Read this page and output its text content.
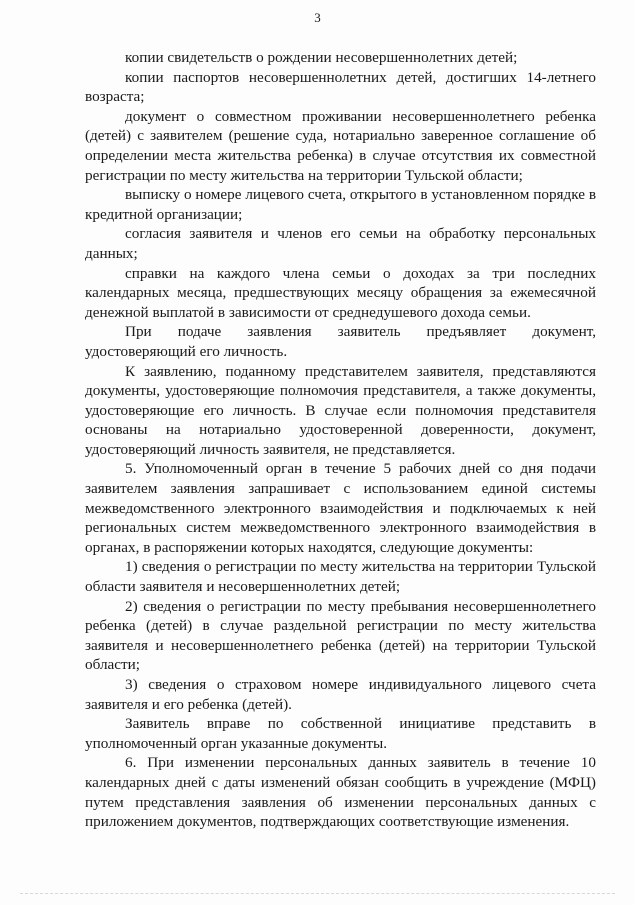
3

копии свидетельств о рождении несовершеннолетних детей;

копии паспортов несовершеннолетних детей, достигших 14-летнего возраста;

документ о совместном проживании несовершеннолетнего ребенка (детей) с заявителем (решение суда, нотариально заверенное соглашение об определении места жительства ребенка) в случае отсутствия их совместной регистрации по месту жительства на территории Тульской области;

выписку о номере лицевого счета, открытого в установленном порядке в кредитной организации;

согласия заявителя и членов его семьи на обработку персональных данных;

справки на каждого члена семьи о доходах за три последних календарных месяца, предшествующих месяцу обращения за ежемесячной денежной выплатой в зависимости от среднедушевого дохода семьи.

При подаче заявления заявитель предъявляет документ, удостоверяющий его личность.

К заявлению, поданному представителем заявителя, представляются документы, удостоверяющие полномочия представителя, а также документы, удостоверяющие его личность. В случае если полномочия представителя основаны на нотариально удостоверенной доверенности, документ, удостоверяющий личность заявителя, не представляется.

5. Уполномоченный орган в течение 5 рабочих дней со дня подачи заявителем заявления запрашивает с использованием единой системы межведомственного электронного взаимодействия и подключаемых к ней региональных систем межведомственного электронного взаимодействия в органах, в распоряжении которых находятся, следующие документы:

1) сведения о регистрации по месту жительства на территории Тульской области заявителя и несовершеннолетних детей;

2) сведения о регистрации по месту пребывания несовершеннолетнего ребенка (детей) в случае раздельной регистрации по месту жительства заявителя и несовершеннолетнего ребенка (детей) на территории Тульской области;

3) сведения о страховом номере индивидуального лицевого счета заявителя и его ребенка (детей).

Заявитель вправе по собственной инициативе представить в уполномоченный орган указанные документы.

6. При изменении персональных данных заявитель в течение 10 календарных дней с даты изменений обязан сообщить в учреждение (МФЦ) путем представления заявления об изменении персональных данных с приложением документов, подтверждающих соответствующие изменения.
